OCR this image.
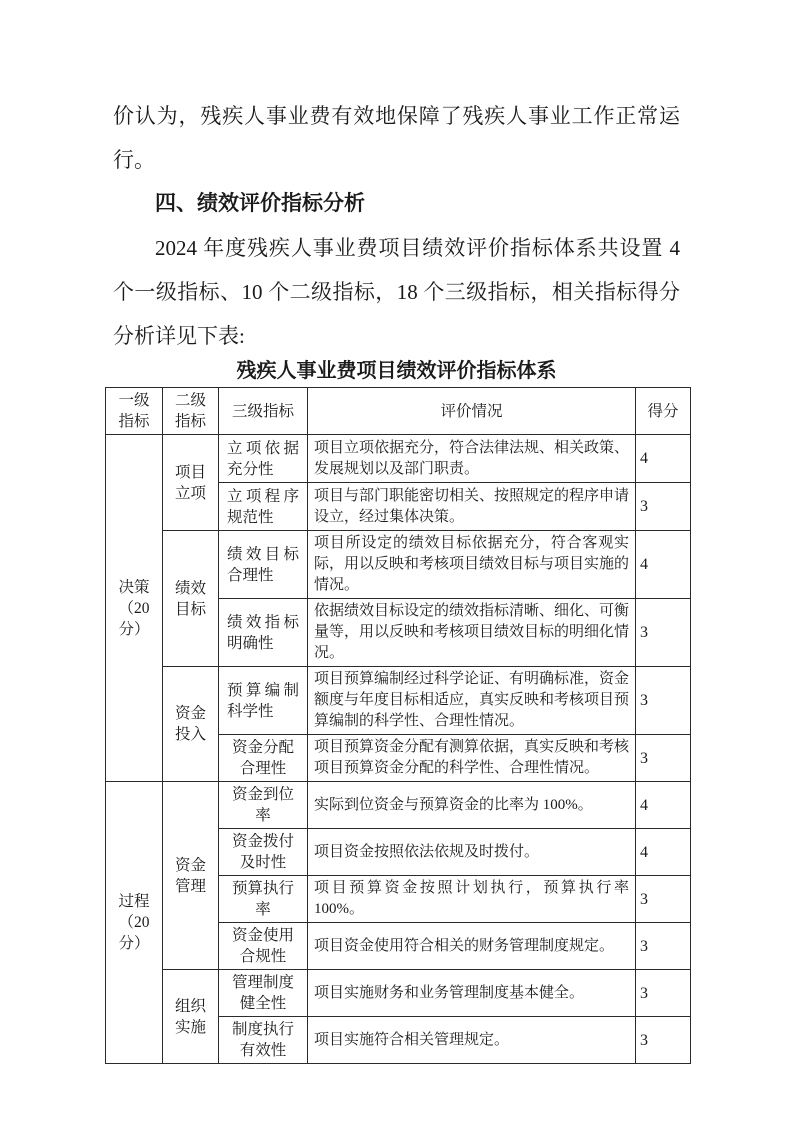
价认为，残疾人事业费有效地保障了残疾人事业工作正常运行。

四、绩效评价指标分析

2024 年度残疾人事业费项目绩效评价指标体系共设置 4 个一级指标、10 个二级指标，18 个三级指标，相关指标得分分析详见下表:

残疾人事业费项目绩效评价指标体系
一级指标	二级指标	三级指标	评价情况	得分
决策（20分）	项目立项	立项依据充分性	项目立项依据充分，符合法律法规、相关政策、发展规划以及部门职责。	4
		立项程序规范性	项目与部门职能密切相关、按照规定的程序申请设立，经过集体决策。	3
	绩效目标	绩效目标合理性	项目所设定的绩效目标依据充分，符合客观实际，用以反映和考核项目绩效目标与项目实施的情况。	4
		绩效指标明确性	依据绩效目标设定的绩效指标清晰、细化、可衡量等，用以反映和考核项目绩效目标的明细化情况。	3
	资金投入	预算编制科学性	项目预算编制经过科学论证、有明确标准，资金额度与年度目标相适应，真实反映和考核项目预算编制的科学性、合理性情况。	3
		资金分配合理性	项目预算资金分配有测算依据，真实反映和考核项目预算资金分配的科学性、合理性情况。	3
过程（20分）	资金管理	资金到位率	实际到位资金与预算资金的比率为 100%。	4
		资金拨付及时性	项目资金按照依法依规及时拨付。	4
		预算执行率	项目预算资金按照计划执行，预算执行率 100%。	3
		资金使用合规性	项目资金使用符合相关的财务管理制度规定。	3
	组织实施	管理制度健全性	项目实施财务和业务管理制度基本健全。	3
		制度执行有效性	项目实施符合相关管理规定。	3
